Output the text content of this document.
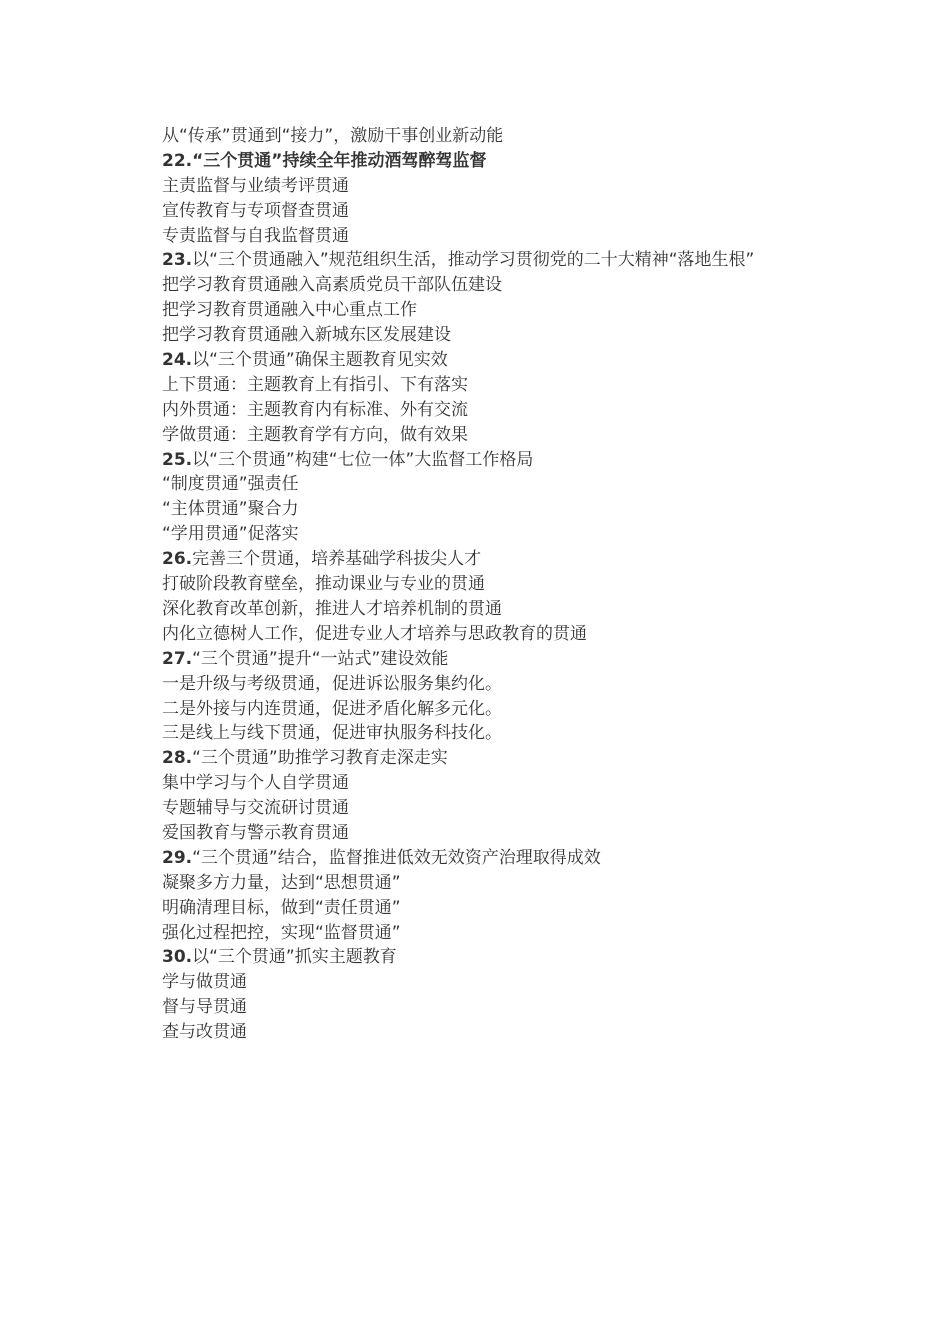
从“传承”贯通到“接力”，激励干事创业新动能
22.“三个贯通”持续全年推动酒驾醉驾监督
主责监督与业绩考评贯通
宣传教育与专项督查贯通
专责监督与自我监督贯通
23.以“三个贯通融入”规范组织生活，推动学习贯彻党的二十大精神“落地生根”
把学习教育贯通融入高素质党员干部队伍建设
把学习教育贯通融入中心重点工作
把学习教育贯通融入新城东区发展建设
24.以“三个贯通”确保主题教育见实效
上下贯通：主题教育上有指引、下有落实
内外贯通：主题教育内有标准、外有交流
学做贯通：主题教育学有方向，做有效果
25.以“三个贯通”构建“七位一体”大监督工作格局
“制度贯通”强责任
“主体贯通”聚合力
“学用贯通”促落实
26.完善三个贯通，培养基础学科拔尖人才
打破阶段教育壁垒，推动课业与专业的贯通
深化教育改革创新，推进人才培养机制的贯通
内化立德树人工作，促进专业人才培养与思政教育的贯通
27.“三个贯通”提升“一站式”建设效能
一是升级与考级贯通，促进诉讼服务集约化。
二是外接与内连贯通，促进矛盾化解多元化。
三是线上与线下贯通，促进审执服务科技化。
28.“三个贯通”助推学习教育走深走实
集中学习与个人自学贯通
专题辅导与交流研讨贯通
爱国教育与警示教育贯通
29.“三个贯通”结合，监督推进低效无效资产治理取得成效
凝聚多方力量，达到“思想贯通”
明确清理目标，做到“责任贯通”
强化过程把控，实现“监督贯通”
30.以“三个贯通”抓实主题教育
学与做贯通
督与导贯通
查与改贯通
